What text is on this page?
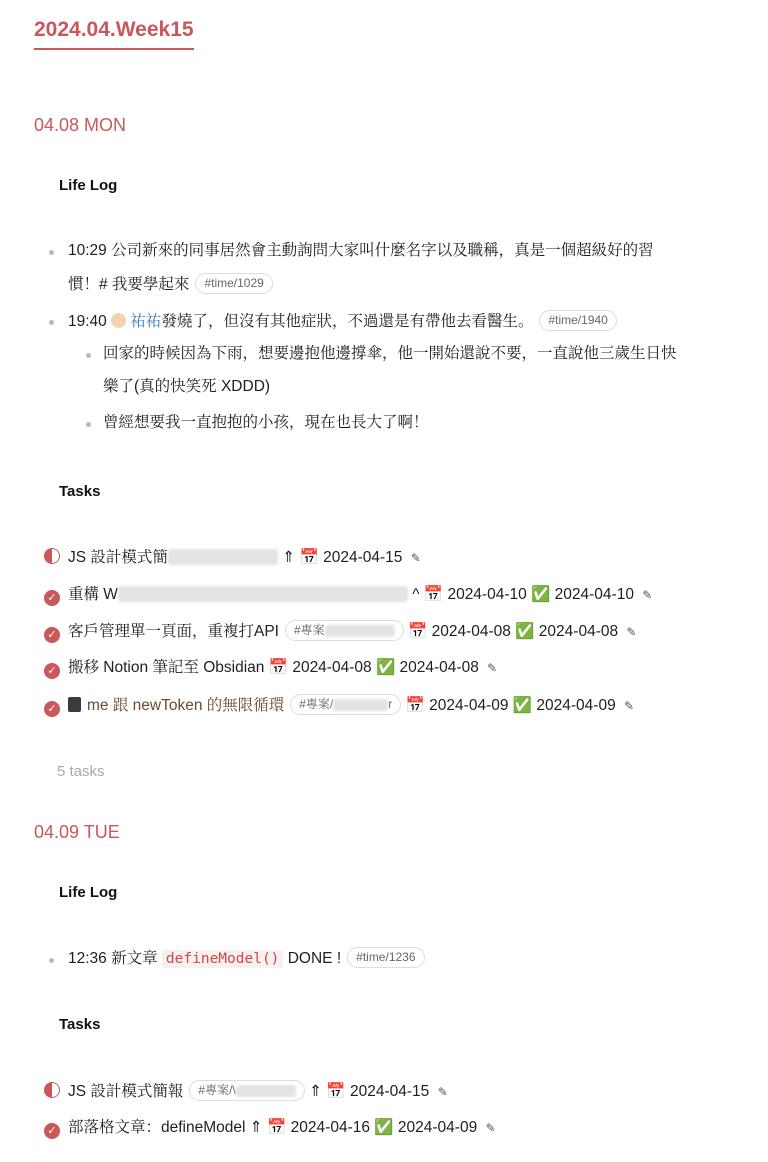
2024.04.Week15
04.08 MON
Life Log
10:29 公司新來的同事居然會主動詢問大家叫什麼名字以及職稱，真是一個超級好的習
慣！# 我要學起來 #time/1029
19:40 祐祐發燒了，但沒有其他症狀，不過還是有帶他去看醫生。 #time/1940
回家的時候因為下雨，想要邊抱他邊撐傘，他一開始還說不要，一直說他三歲生日快
樂了(真的快笑死 XDDD)
曾經想要我一直抱抱的小孩，現在也長大了啊！
Tasks
JS 設計模式簡	⇑ 📅 2024-04-15 ✎
✓ 重構 W	^ 📅 2024-04-10 ✅ 2024-04-10 ✎
✓ 客戶管理單一頁面，重複打API #專案	📅 2024-04-08 ✅ 2024-04-08 ✎
✓ 搬移 Notion 筆記至 Obsidian 📅 2024-04-08 ✅ 2024-04-08 ✎
✓ me 跟 newToken 的無限循環 #專案/	r 📅 2024-04-09 ✅ 2024-04-09 ✎
5 tasks
04.09 TUE
Life Log
12:36 新文章 defineModel() DONE ! #time/1236
Tasks
JS 設計模式簡報 #專案/\	⇑ 📅 2024-04-15 ✎
✓ 部落格文章：defineModel ⇑ 📅 2024-04-16 ✅ 2024-04-09 ✎
